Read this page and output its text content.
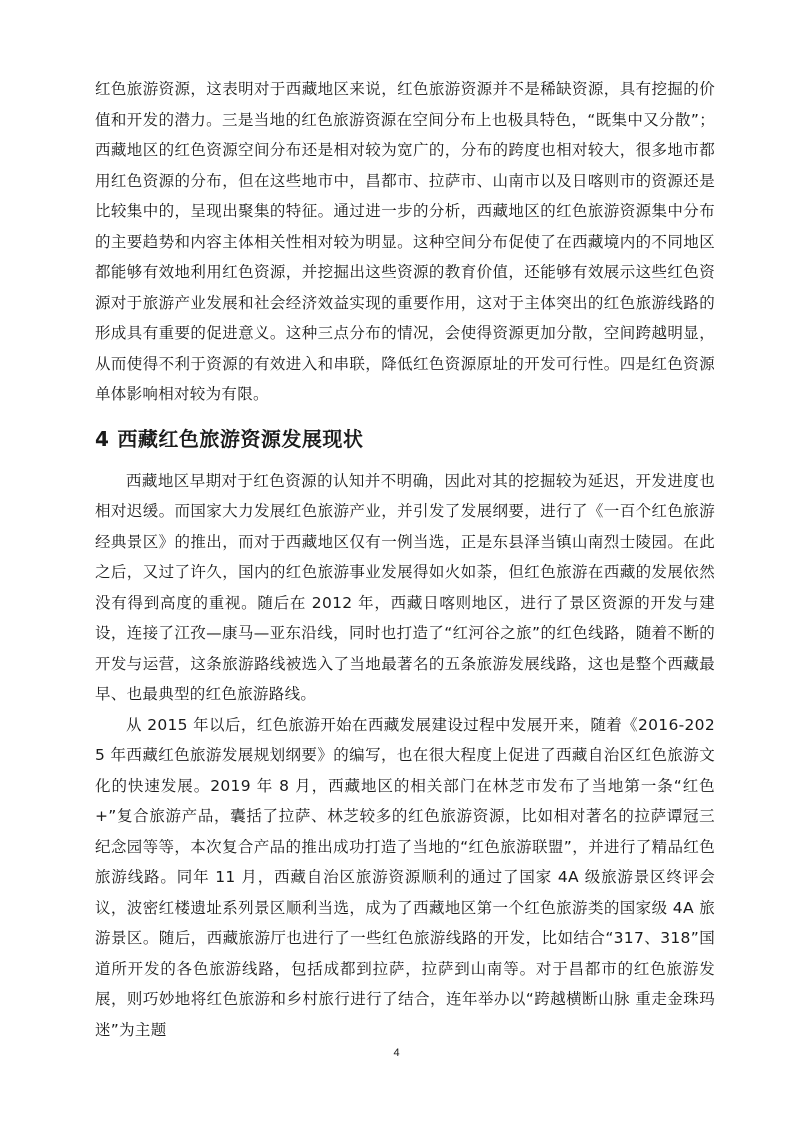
红色旅游资源，这表明对于西藏地区来说，红色旅游资源并不是稀缺资源，具有挖掘的价值和开发的潜力。三是当地的红色旅游资源在空间分布上也极具特色，“既集中又分散”；西藏地区的红色资源空间分布还是相对较为宽广的，分布的跨度也相对较大，很多地市都用红色资源的分布，但在这些地市中，昌都市、拉萨市、山南市以及日喀则市的资源还是比较集中的，呈现出聚集的特征。通过进一步的分析，西藏地区的红色旅游资源集中分布的主要趋势和内容主体相关性相对较为明显。这种空间分布促使了在西藏境内的不同地区都能够有效地利用红色资源，并挖掘出这些资源的教育价值，还能够有效展示这些红色资源对于旅游产业发展和社会经济效益实现的重要作用，这对于主体突出的红色旅游线路的形成具有重要的促进意义。这种三点分布的情况，会使得资源更加分散，空间跨越明显，从而使得不利于资源的有效进入和串联，降低红色资源原址的开发可行性。四是红色资源单体影响相对较为有限。

4 西藏红色旅游资源发展现状

西藏地区早期对于红色资源的认知并不明确，因此对其的挖掘较为延迟，开发进度也相对迟缓。而国家大力发展红色旅游产业，并引发了发展纲要，进行了《一百个红色旅游经典景区》的推出，而对于西藏地区仅有一例当选，正是东县泽当镇山南烈士陵园。在此之后，又过了许久，国内的红色旅游事业发展得如火如荼，但红色旅游在西藏的发展依然没有得到高度的重视。随后在 2012 年，西藏日喀则地区，进行了景区资源的开发与建设，连接了江孜—康马—亚东沿线，同时也打造了“红河谷之旅”的红色线路，随着不断的开发与运营，这条旅游路线被选入了当地最著名的五条旅游发展线路，这也是整个西藏最早、也最典型的红色旅游路线。

从 2015 年以后，红色旅游开始在西藏发展建设过程中发展开来，随着《2016-2025 年西藏红色旅游发展规划纲要》的编写，也在很大程度上促进了西藏自治区红色旅游文化的快速发展。2019 年 8 月，西藏地区的相关部门在林芝市发布了当地第一条“红色+”复合旅游产品，囊括了拉萨、林芝较多的红色旅游资源，比如相对著名的拉萨谭冠三纪念园等等，本次复合产品的推出成功打造了当地的“红色旅游联盟”，并进行了精品红色旅游线路。同年 11 月，西藏自治区旅游资源顺利的通过了国家 4A 级旅游景区终评会议，波密红楼遗址系列景区顺利当选，成为了西藏地区第一个红色旅游类的国家级 4A 旅游景区。随后，西藏旅游厅也进行了一些红色旅游线路的开发，比如结合“317、318”国道所开发的各色旅游线路，包括成都到拉萨，拉萨到山南等。对于昌都市的红色旅游发展，则巧妙地将红色旅游和乡村旅行进行了结合，连年举办以“跨越横断山脉 重走金珠玛迷”为主题

4
